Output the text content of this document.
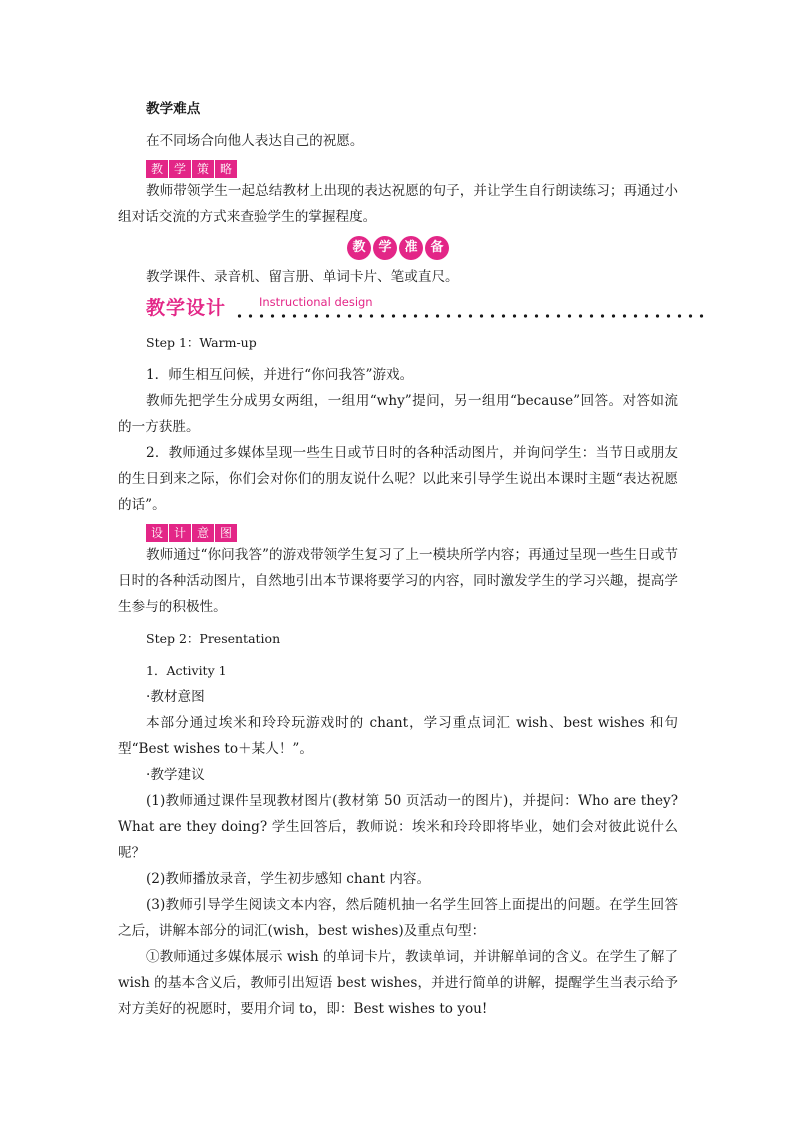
教学难点

在不同场合向他人表达自己的祝愿。

教 学 策 略

教师带领学生一起总结教材上出现的表达祝愿的句子，并让学生自行朗读练习；再通过小组对话交流的方式来查验学生的掌握程度。

教 学 准 备

教学课件、录音机、留言册、单词卡片、笔或直尺。

教学设计	Instructional design

Step 1：Warm-up

1．师生相互问候，并进行“你问我答”游戏。

教师先把学生分成男女两组，一组用“why”提问，另一组用“because”回答。对答如流的一方获胜。

2．教师通过多媒体呈现一些生日或节日时的各种活动图片，并询问学生：当节日或朋友的生日到来之际，你们会对你们的朋友说什么呢？以此来引导学生说出本课时主题“表达祝愿的话”。

设 计 意 图

教师通过“你问我答”的游戏带领学生复习了上一模块所学内容；再通过呈现一些生日或节日时的各种活动图片，自然地引出本节课将要学习的内容，同时激发学生的学习兴趣，提高学生参与的积极性。

Step 2：Presentation

1．Activity 1

·教材意图

本部分通过埃米和玲玲玩游戏时的 chant，学习重点词汇 wish、best wishes 和句型“Best wishes to＋某人！”。

·教学建议

(1)教师通过课件呈现教材图片(教材第 50 页活动一的图片)，并提问：Who are they? What are they doing? 学生回答后，教师说：埃米和玲玲即将毕业，她们会对彼此说什么呢？

(2)教师播放录音，学生初步感知 chant 内容。

(3)教师引导学生阅读文本内容，然后随机抽一名学生回答上面提出的问题。在学生回答之后，讲解本部分的词汇(wish，best wishes)及重点句型：

①教师通过多媒体展示 wish 的单词卡片，教读单词，并讲解单词的含义。在学生了解了 wish 的基本含义后，教师引出短语 best wishes，并进行简单的讲解，提醒学生当表示给予对方美好的祝愿时，要用介词 to，即：Best wishes to you!
